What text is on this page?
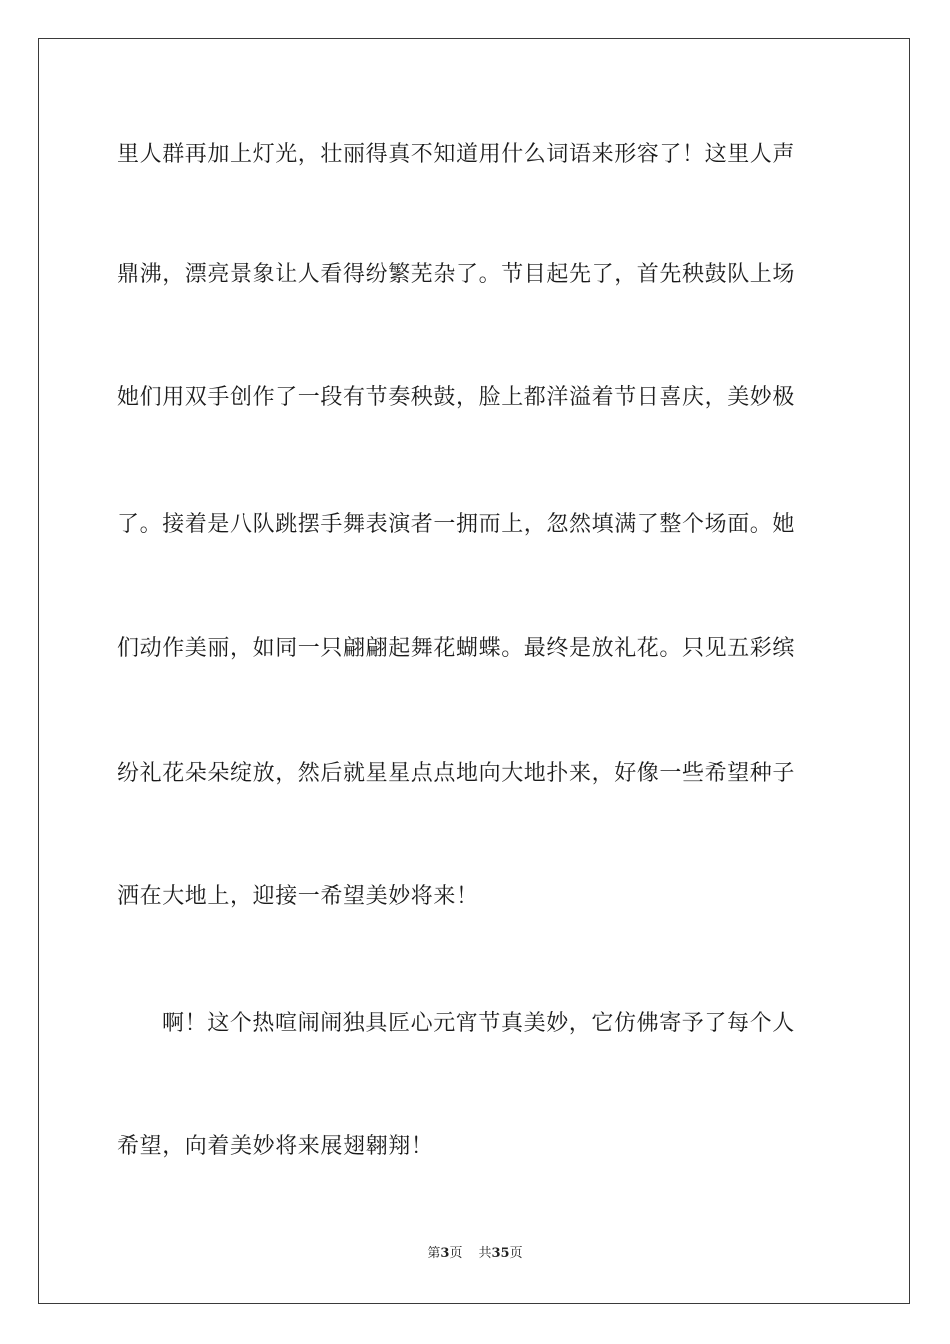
里人群再加上灯光，壮丽得真不知道用什么词语来形容了！这里人声
鼎沸，漂亮景象让人看得纷繁芜杂了。节目起先了，首先秧鼓队上场
她们用双手创作了一段有节奏秧鼓，脸上都洋溢着节日喜庆，美妙极
了。接着是八队跳摆手舞表演者一拥而上，忽然填满了整个场面。她
们动作美丽，如同一只翩翩起舞花蝴蝶。最终是放礼花。只见五彩缤
纷礼花朵朵绽放，然后就星星点点地向大地扑来，好像一些希望种子
洒在大地上，迎接一希望美妙将来！
啊！这个热喧闹闹独具匠心元宵节真美妙，它仿佛寄予了每个人
希望，向着美妙将来展翅翱翔！
第3页 共35页
